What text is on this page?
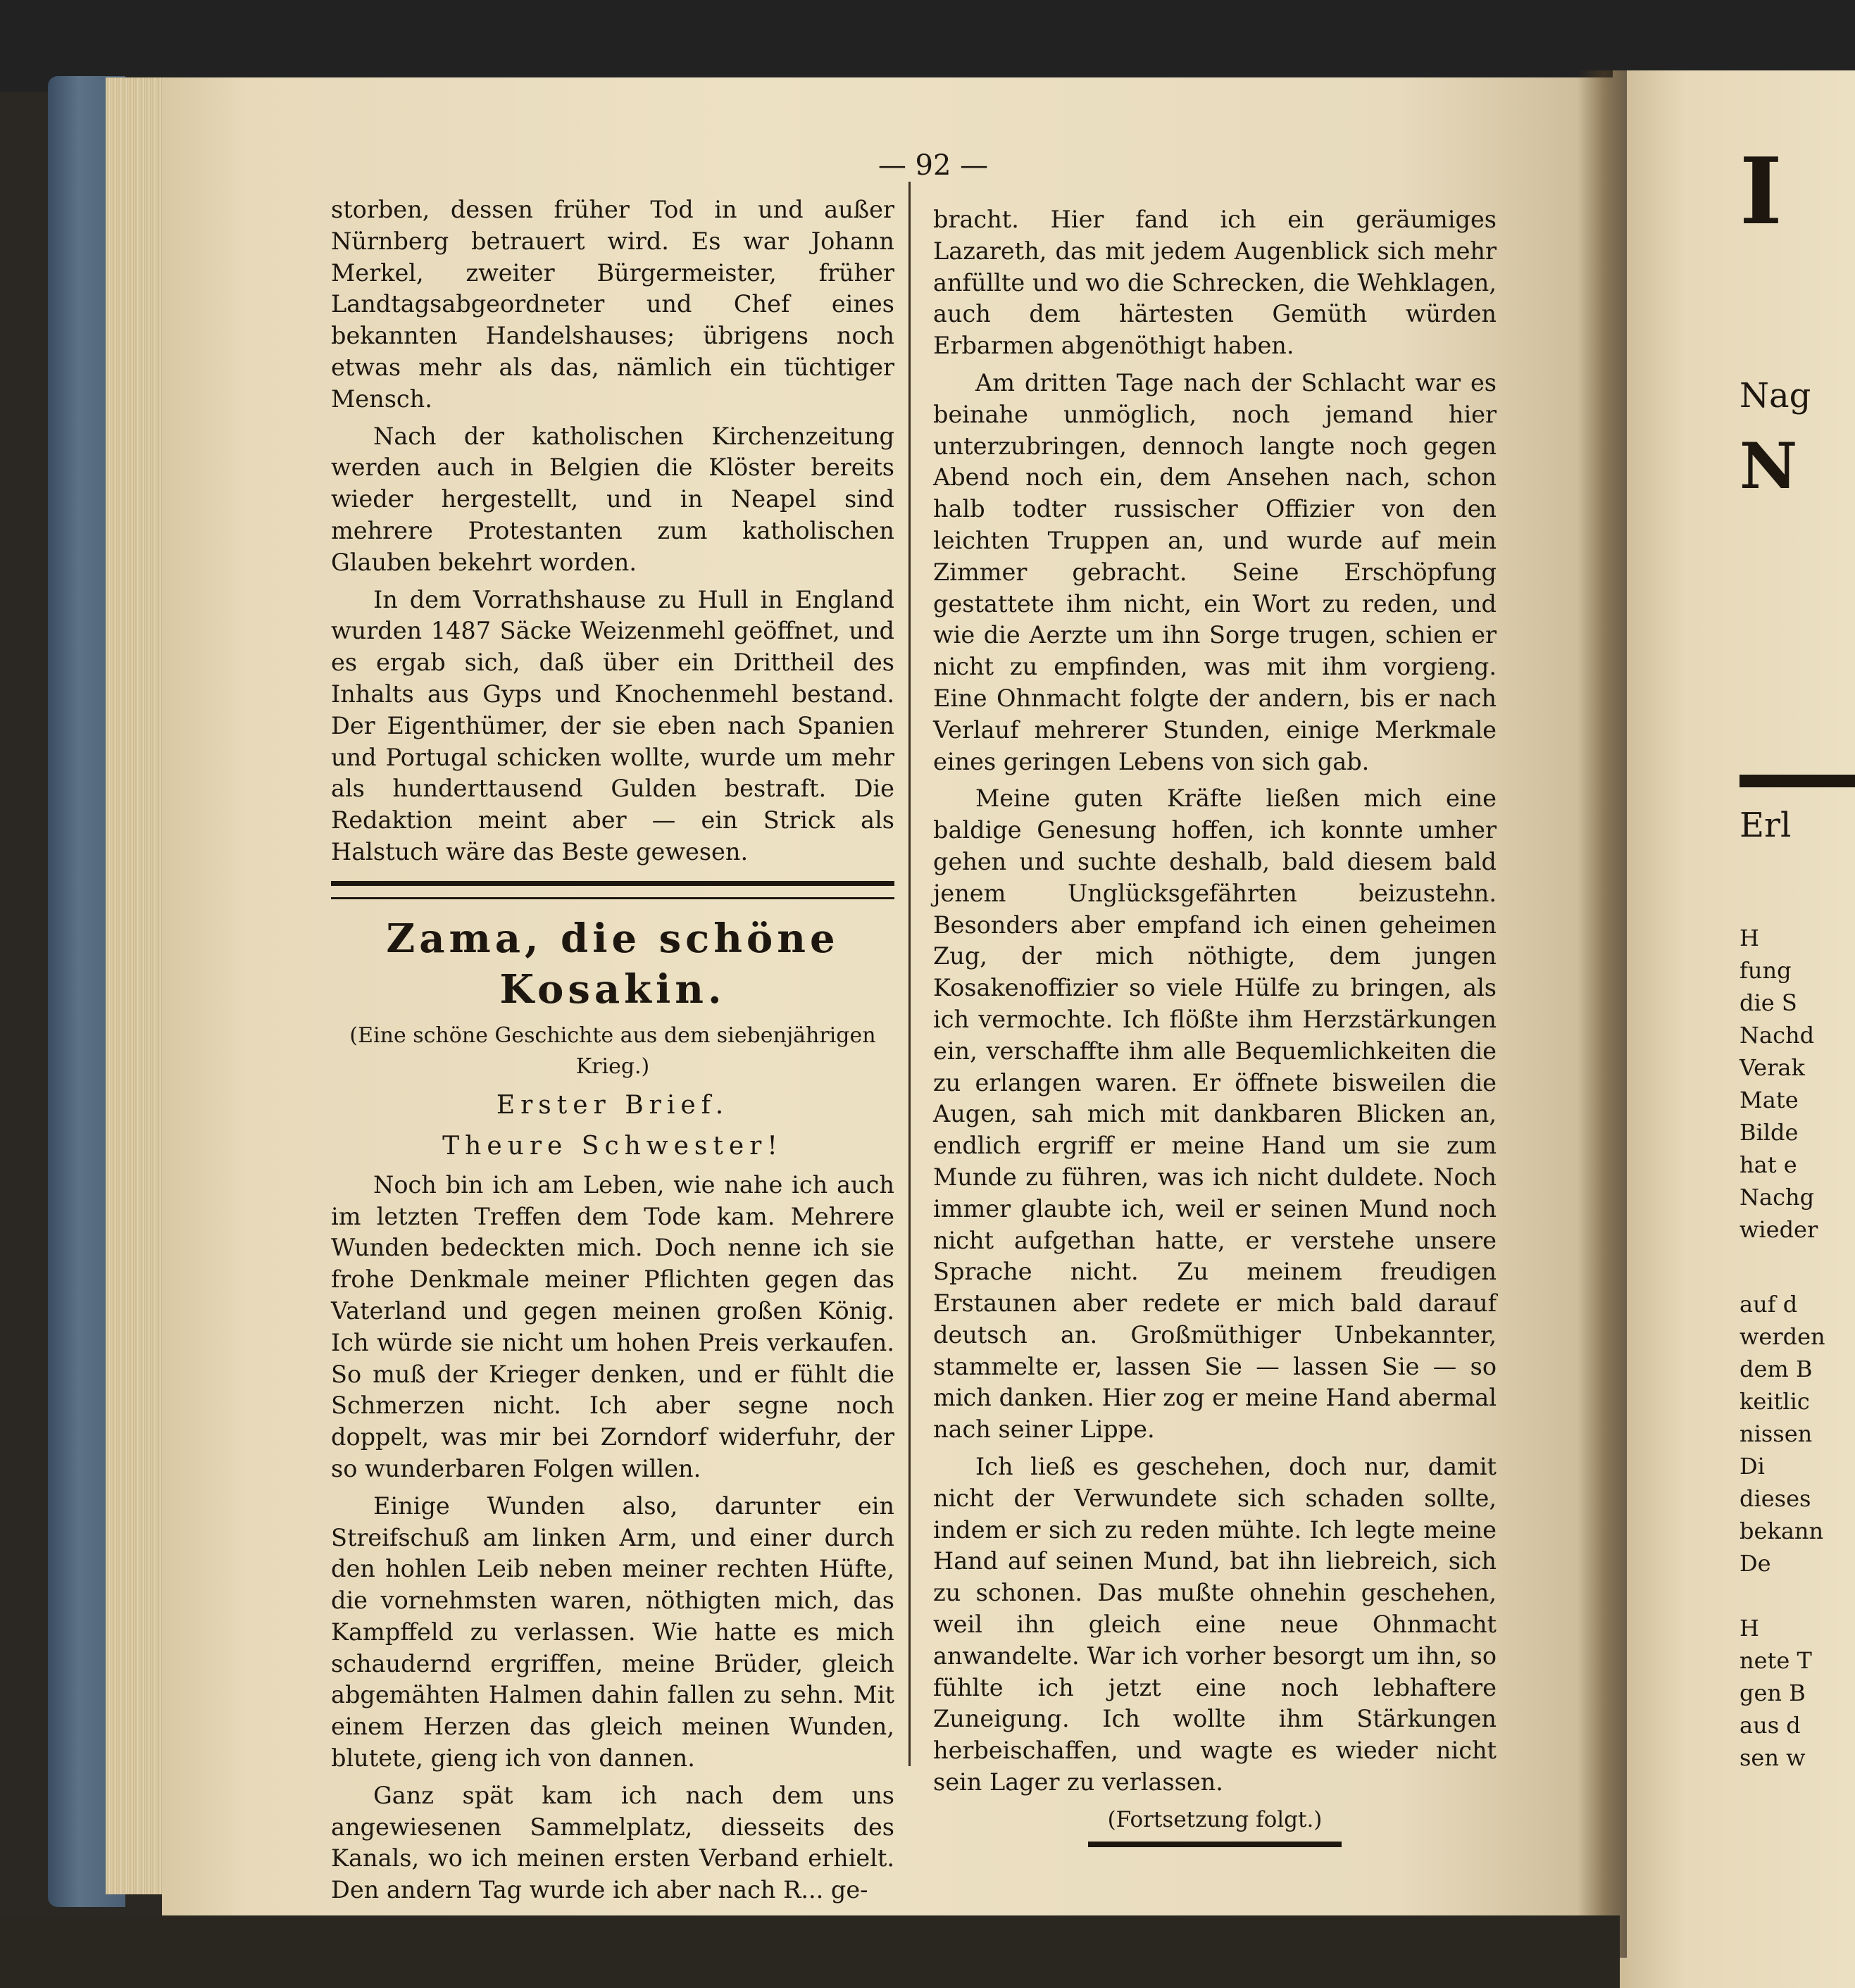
— 92 —

storben, dessen früher Tod in und außer Nürnberg betrauert wird. Es war Johann Merkel, zweiter Bürgermeister, früher Landtagsabgeordneter und Chef eines bekannten Handelshauses; übrigens noch etwas mehr als das, nämlich ein tüchtiger Mensch.

Nach der katholischen Kirchenzeitung werden auch in Belgien die Klöster bereits wieder hergestellt, und in Neapel sind mehrere Protestanten zum katholischen Glauben bekehrt worden.

In dem Vorrathshause zu Hull in England wurden 1487 Säcke Weizenmehl geöffnet, und es ergab sich, daß über ein Drittheil des Inhalts aus Gyps und Knochenmehl bestand. Der Eigenthümer, der sie eben nach Spanien und Portugal schicken wollte, wurde um mehr als hunderttausend Gulden bestraft. Die Redaktion meint aber — ein Strick als Halstuch wäre das Beste gewesen.

Zama, die schöne Kosakin.

(Eine schöne Geschichte aus dem siebenjährigen Krieg.)

Erster Brief.

Theure Schwester!

Noch bin ich am Leben, wie nahe ich auch im letzten Treffen dem Tode kam. Mehrere Wunden bedeckten mich. Doch nenne ich sie frohe Denkmale meiner Pflichten gegen das Vaterland und gegen meinen großen König. Ich würde sie nicht um hohen Preis verkaufen. So muß der Krieger denken, und er fühlt die Schmerzen nicht. Ich aber segne noch doppelt, was mir bei Zorndorf widerfuhr, der so wunderbaren Folgen willen.

Einige Wunden also, darunter ein Streifschuß am linken Arm, und einer durch den hohlen Leib neben meiner rechten Hüfte, die vornehmsten waren, nöthigten mich, das Kampffeld zu verlassen. Wie hatte es mich schaudernd ergriffen, meine Brüder, gleich abgemähten Halmen dahin fallen zu sehn. Mit einem Herzen das gleich meinen Wunden, blutete, gieng ich von dannen.

Ganz spät kam ich nach dem uns angewiesenen Sammelplatz, diesseits des Kanals, wo ich meinen ersten Verband erhielt. Den andern Tag wurde ich aber nach R... ge-

bracht. Hier fand ich ein geräumiges Lazareth, das mit jedem Augenblick sich mehr anfüllte und wo die Schrecken, die Wehklagen, auch dem härtesten Gemüth würden Erbarmen abgenöthigt haben.

Am dritten Tage nach der Schlacht war es beinahe unmöglich, noch jemand hier unterzubringen, dennoch langte noch gegen Abend noch ein, dem Ansehen nach, schon halb todter russischer Offizier von den leichten Truppen an, und wurde auf mein Zimmer gebracht. Seine Erschöpfung gestattete ihm nicht, ein Wort zu reden, und wie die Aerzte um ihn Sorge trugen, schien er nicht zu empfinden, was mit ihm vorgieng. Eine Ohnmacht folgte der andern, bis er nach Verlauf mehrerer Stunden, einige Merkmale eines geringen Lebens von sich gab.

Meine guten Kräfte ließen mich eine baldige Genesung hoffen, ich konnte umher gehen und suchte deshalb, bald diesem bald jenem Unglücksgefährten beizustehn. Besonders aber empfand ich einen geheimen Zug, der mich nöthigte, dem jungen Kosakenoffizier so viele Hülfe zu bringen, als ich vermochte. Ich flößte ihm Herzstärkungen ein, verschaffte ihm alle Bequemlichkeiten die zu erlangen waren. Er öffnete bisweilen die Augen, sah mich mit dankbaren Blicken an, endlich ergriff er meine Hand um sie zum Munde zu führen, was ich nicht duldete. Noch immer glaubte ich, weil er seinen Mund noch nicht aufgethan hatte, er verstehe unsere Sprache nicht. Zu meinem freudigen Erstaunen aber redete er mich bald darauf deutsch an. Großmüthiger Unbekannter, stammelte er, lassen Sie — lassen Sie — so mich danken. Hier zog er meine Hand abermal nach seiner Lippe.

Ich ließ es geschehen, doch nur, damit nicht der Verwundete sich schaden sollte, indem er sich zu reden mühte. Ich legte meine Hand auf seinen Mund, bat ihn liebreich, sich zu schonen. Das mußte ohnehin geschehen, weil ihn gleich eine neue Ohnmacht anwandelte. War ich vorher besorgt um ihn, so fühlte ich jetzt eine noch lebhaftere Zuneigung. Ich wollte ihm Stärkungen herbeischaffen, und wagte es wieder nicht sein Lager zu verlassen.

(Fortsetzung folgt.)

I
Nag
N
Erl
H
fung
die S
Nachd
Verak
Mate
Bilde
hat e
Nachg
wieder
auf d
werden
dem B
keitlic
nissen
Di
dieses
bekann
De
H
nete T
gen B
aus d
sen w
